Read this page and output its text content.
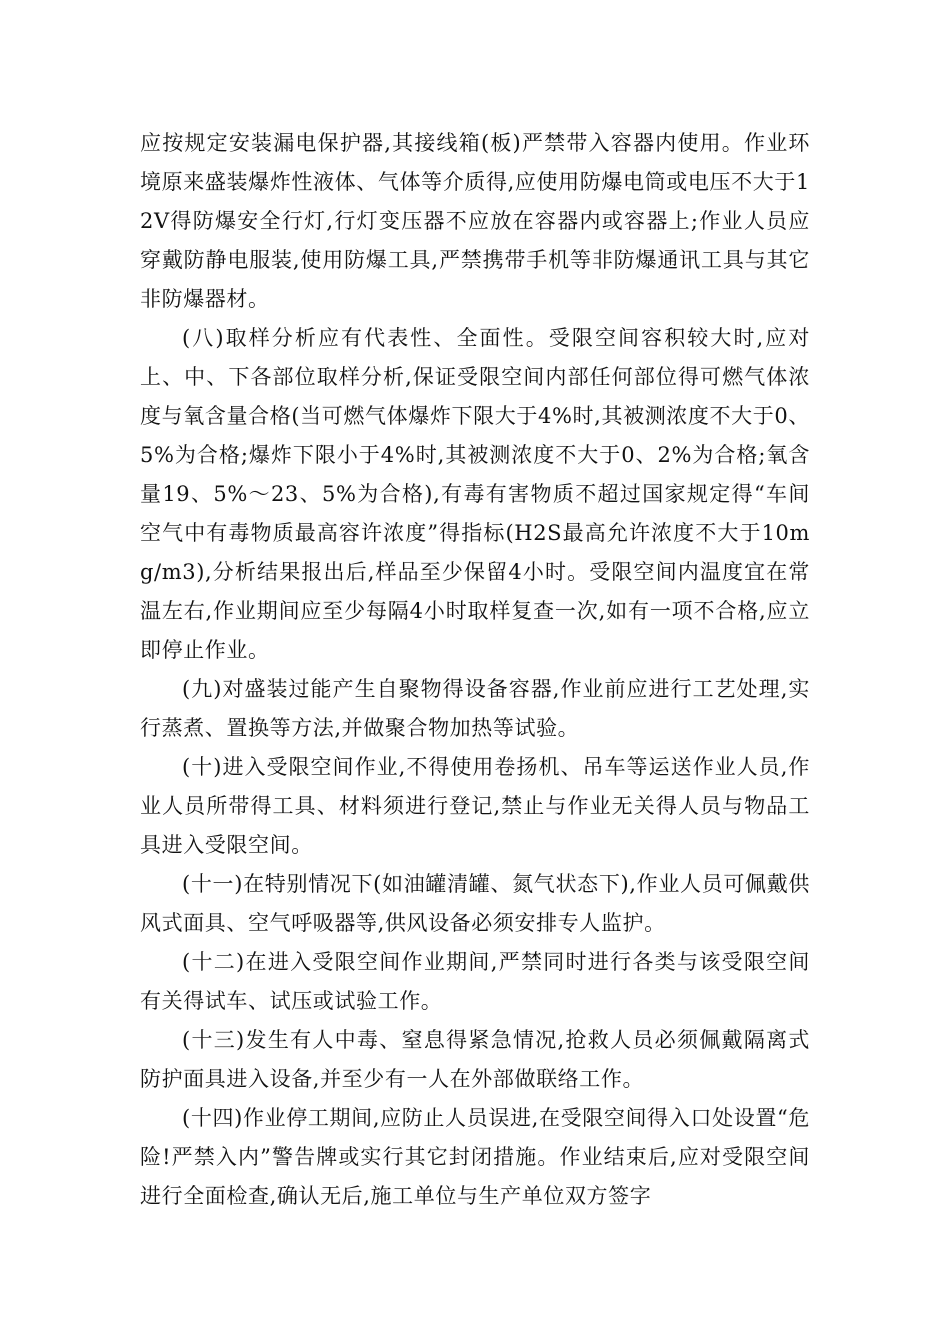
应按规定安装漏电保护器,其接线箱(板)严禁带入容器内使用。作业环境原来盛装爆炸性液体、气体等介质得,应使用防爆电筒或电压不大于12V得防爆安全行灯,行灯变压器不应放在容器内或容器上;作业人员应穿戴防静电服装,使用防爆工具,严禁携带手机等非防爆通讯工具与其它非防爆器材。

(八)取样分析应有代表性、全面性。受限空间容积较大时,应对上、中、下各部位取样分析,保证受限空间内部任何部位得可燃气体浓度与氧含量合格(当可燃气体爆炸下限大于4%时,其被测浓度不大于0、5%为合格;爆炸下限小于4%时,其被测浓度不大于0、2%为合格;氧含量19、5%～23、5%为合格),有毒有害物质不超过国家规定得“车间空气中有毒物质最高容许浓度”得指标(H2S最高允许浓度不大于10mg/m3),分析结果报出后,样品至少保留4小时。受限空间内温度宜在常温左右,作业期间应至少每隔4小时取样复查一次,如有一项不合格,应立即停止作业。

(九)对盛装过能产生自聚物得设备容器,作业前应进行工艺处理,实行蒸煮、置换等方法,并做聚合物加热等试验。

(十)进入受限空间作业,不得使用卷扬机、吊车等运送作业人员,作业人员所带得工具、材料须进行登记,禁止与作业无关得人员与物品工具进入受限空间。

(十一)在特别情况下(如油罐清罐、氮气状态下),作业人员可佩戴供风式面具、空气呼吸器等,供风设备必须安排专人监护。

(十二)在进入受限空间作业期间,严禁同时进行各类与该受限空间有关得试车、试压或试验工作。

(十三)发生有人中毒、窒息得紧急情况,抢救人员必须佩戴隔离式防护面具进入设备,并至少有一人在外部做联络工作。

(十四)作业停工期间,应防止人员误进,在受限空间得入口处设置“危险!严禁入内”警告牌或实行其它封闭措施。作业结束后,应对受限空间进行全面检查,确认无后,施工单位与生产单位双方签字
